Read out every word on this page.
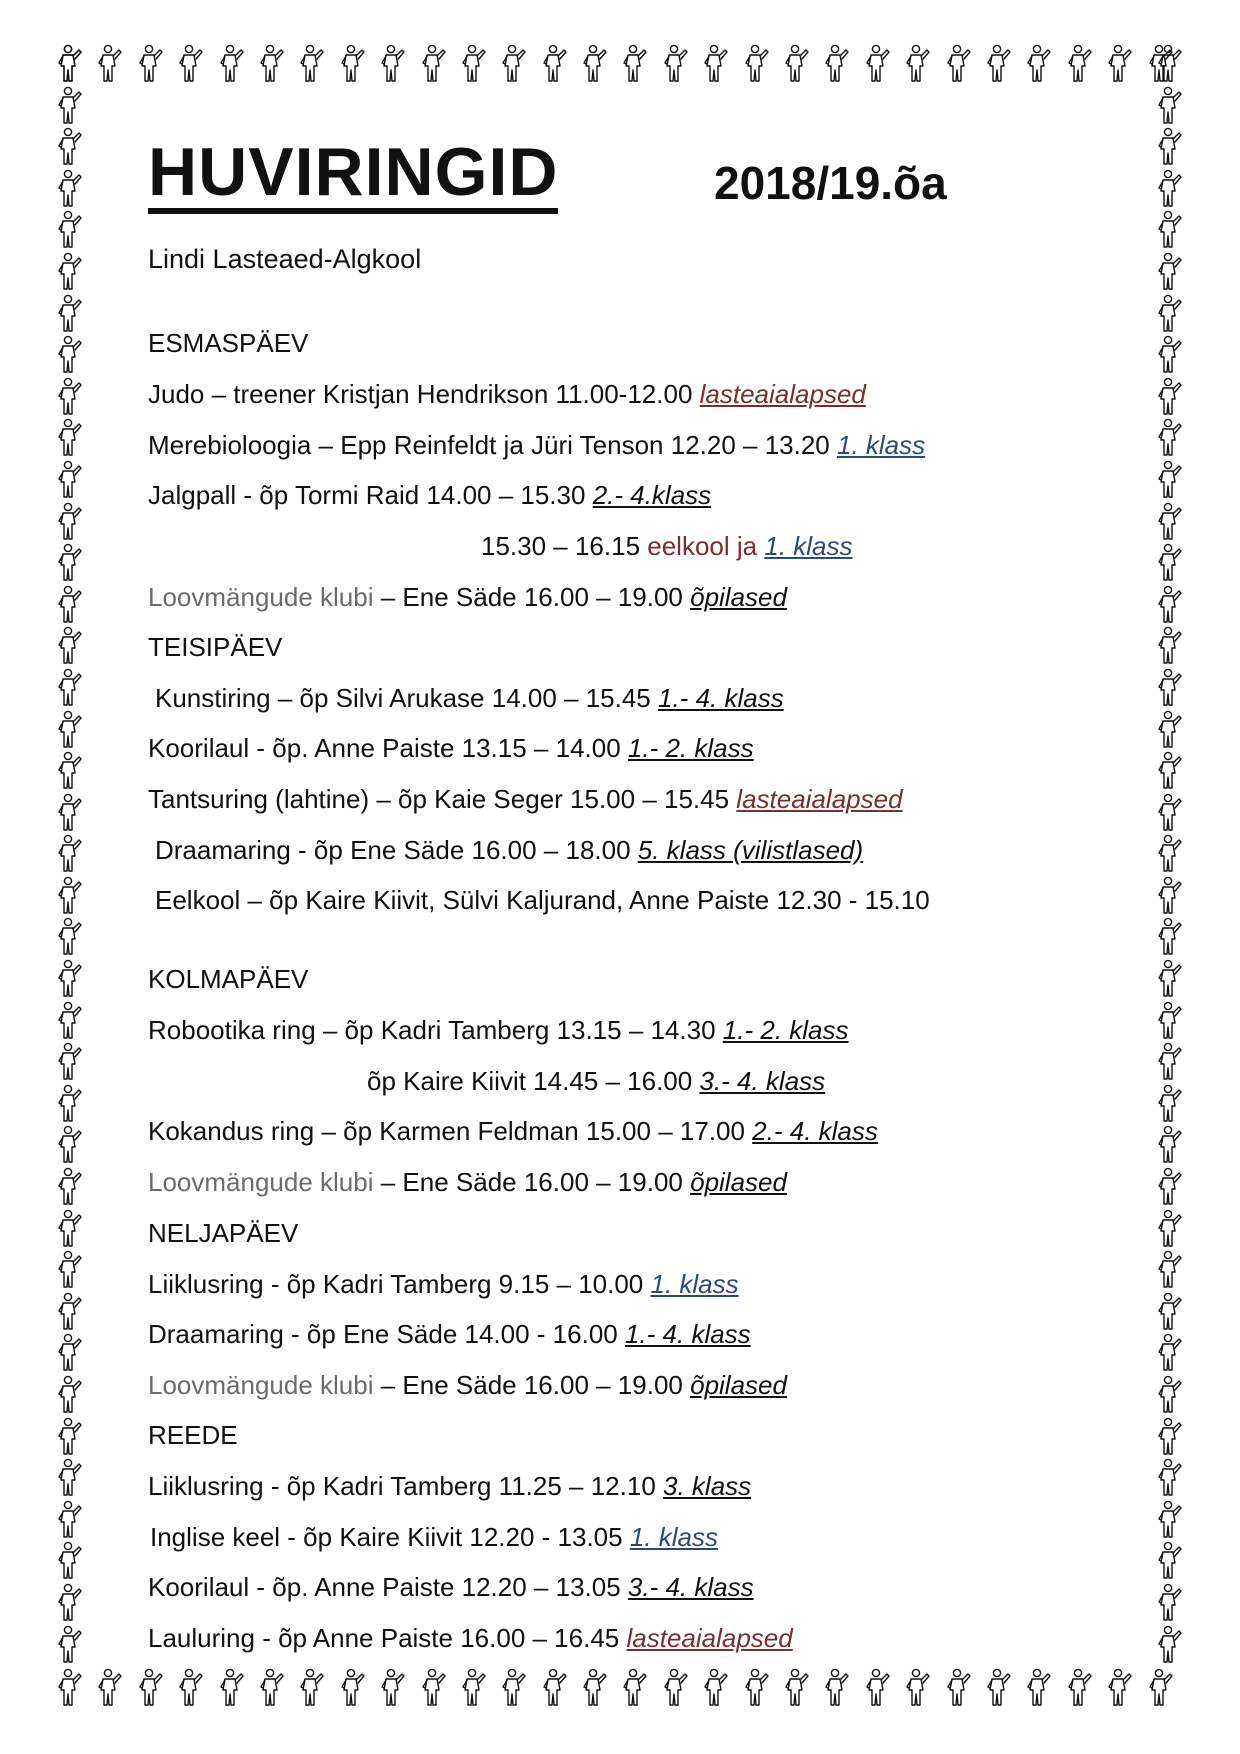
HUVIRINGID	2018/19.õa
Lindi Lasteaed-Algkool
ESMASPÄEV
Judo – treener Kristjan Hendrikson 11.00-12.00 lasteaialapsed
Merebioloogia – Epp Reinfeldt ja Jüri Tenson 12.20 – 13.20 1. klass
Jalgpall - õp Tormi Raid 14.00 – 15.30 2.- 4.klass
15.30 – 16.15 eelkool ja 1. klass
Loovmängude klubi – Ene Säde 16.00 – 19.00 õpilased
TEISIPÄEV
Kunstiring – õp Silvi Arukase 14.00 – 15.45 1.- 4. klass
Koorilaul - õp. Anne Paiste 13.15 – 14.00 1.- 2. klass
Tantsuring (lahtine) – õp Kaie Seger 15.00 – 15.45 lasteaialapsed
Draamaring - õp Ene Säde 16.00 – 18.00 5. klass (vilistlased)
Eelkool – õp Kaire Kiivit, Sülvi Kaljurand, Anne Paiste 12.30 - 15.10
KOLMAPÄEV
Robootika ring – õp Kadri Tamberg 13.15 – 14.30 1.- 2. klass
õp Kaire Kiivit 14.45 – 16.00 3.- 4. klass
Kokandus ring – õp Karmen Feldman 15.00 – 17.00 2.- 4. klass
Loovmängude klubi – Ene Säde 16.00 – 19.00 õpilased
NELJAPÄEV
Liiklusring - õp Kadri Tamberg 9.15 – 10.00 1. klass
Draamaring - õp Ene Säde 14.00 - 16.00 1.- 4. klass
Loovmängude klubi – Ene Säde 16.00 – 19.00 õpilased
REEDE
Liiklusring - õp Kadri Tamberg 11.25 – 12.10 3. klass
Inglise keel - õp Kaire Kiivit 12.20 - 13.05 1. klass
Koorilaul - õp. Anne Paiste 12.20 – 13.05 3.- 4. klass
Lauluring - õp Anne Paiste 16.00 – 16.45 lasteaialapsed
